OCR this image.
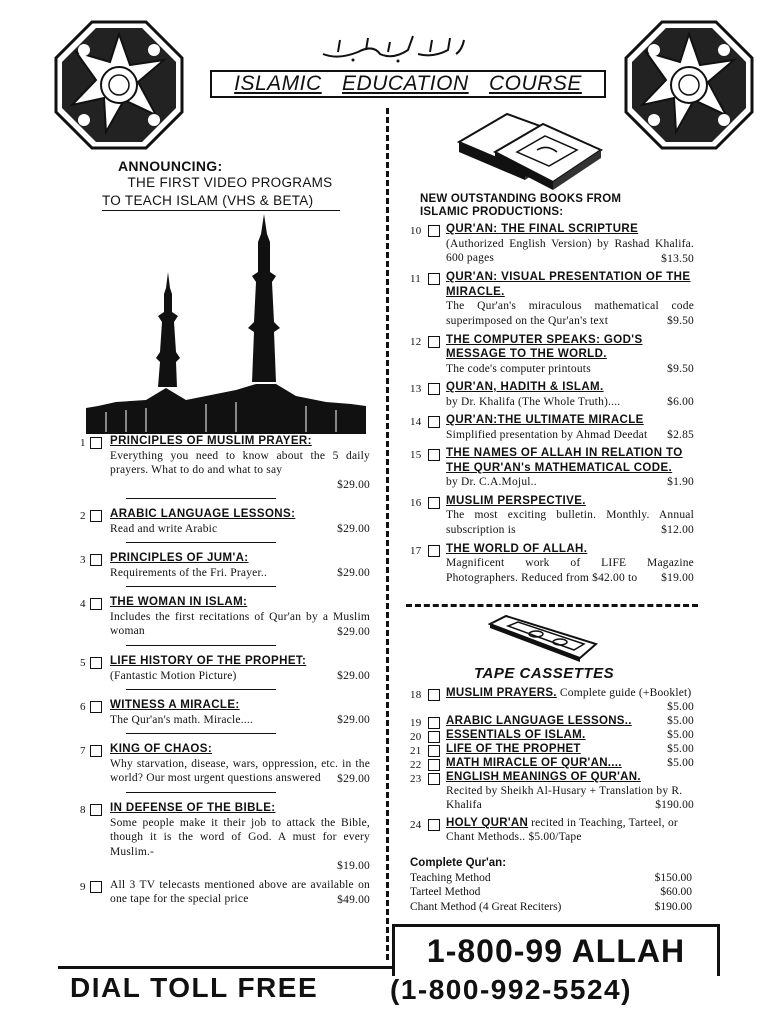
ISLAMIC EDUCATION COURSE
ANNOUNCING:
THE FIRST VIDEO PROGRAMS
TO TEACH ISLAM (VHS & BETA)
1 PRINCIPLES OF MUSLIM PRAYER:
Everything you need to know about the 5 daily prayers. What to do and what to say
$29.00
2 ARABIC LANGUAGE LESSONS:
Read and write Arabic	$29.00
3 PRINCIPLES OF JUM'A:
Requirements of the Fri. Prayer..	$29.00
4 THE WOMAN IN ISLAM:
Includes the first recitations of Qur'an by a Muslim woman	$29.00
5 LIFE HISTORY OF THE PROPHET:
(Fantastic Motion Picture)	$29.00
6 WITNESS A MIRACLE:
The Qur'an's math. Miracle....	$29.00
7 KING OF CHAOS:
Why starvation, disease, wars, oppression, etc. in the world? Our most urgent questions answered	$29.00
8 IN DEFENSE OF THE BIBLE:
Some people make it their job to attack the Bible, though it is the word of God. A must for every Muslim.-
$19.00
9 All 3 TV telecasts mentioned above are available on one tape for the special price	$49.00
NEW OUTSTANDING BOOKS FROM
ISLAMIC PRODUCTIONS:
10 QUR'AN: THE FINAL SCRIPTURE
(Authorized English Version) by Rashad Khalifa. 600 pages	$13.50
11 QUR'AN: VISUAL PRESENTATION OF THE MIRACLE.
The Qur'an's miraculous mathematical code superimposed on the Qur'an's text	$9.50
12 THE COMPUTER SPEAKS: GOD'S MESSAGE TO THE WORLD.
The code's computer printouts	$9.50
13 QUR'AN, HADITH & ISLAM.
by Dr. Khalifa (The Whole Truth)....	$6.00
14 QUR'AN:THE ULTIMATE MIRACLE
Simplified presentation by Ahmad Deedat $2.85
15 THE NAMES OF ALLAH IN RELATION TO THE QUR'AN's MATHEMATICAL CODE.
by Dr. C.A.Mojul..	$1.90
16 MUSLIM PERSPECTIVE.
The most exciting bulletin. Monthly. Annual subscription is	$12.00
17 THE WORLD OF ALLAH.
Magnificent work of LIFE Magazine Photographers. Reduced from $42.00 to	$19.00
TAPE CASSETTES
18 MUSLIM PRAYERS. Complete guide (+Booklet)
$5.00
19 ARABIC LANGUAGE LESSONS..	$5.00
20 ESSENTIALS OF ISLAM.	$5.00
21 LIFE OF THE PROPHET	$5.00
22 MATH MIRACLE OF QUR'AN....	$5.00
23 ENGLISH MEANINGS OF QUR'AN.
Recited by Sheikh Al-Husary + Translation by R. Khalifa	$190.00
24 HOLY QUR'AN recited in Teaching, Tarteel, or Chant Methods.. $5.00/Tape
Complete Qur'an:
Teaching Method	$150.00
Tarteel Method	$60.00
Chant Method (4 Great Reciters)	$190.00
1-800-99 ALLAH
DIAL TOLL FREE	(1-800-992-5524)
